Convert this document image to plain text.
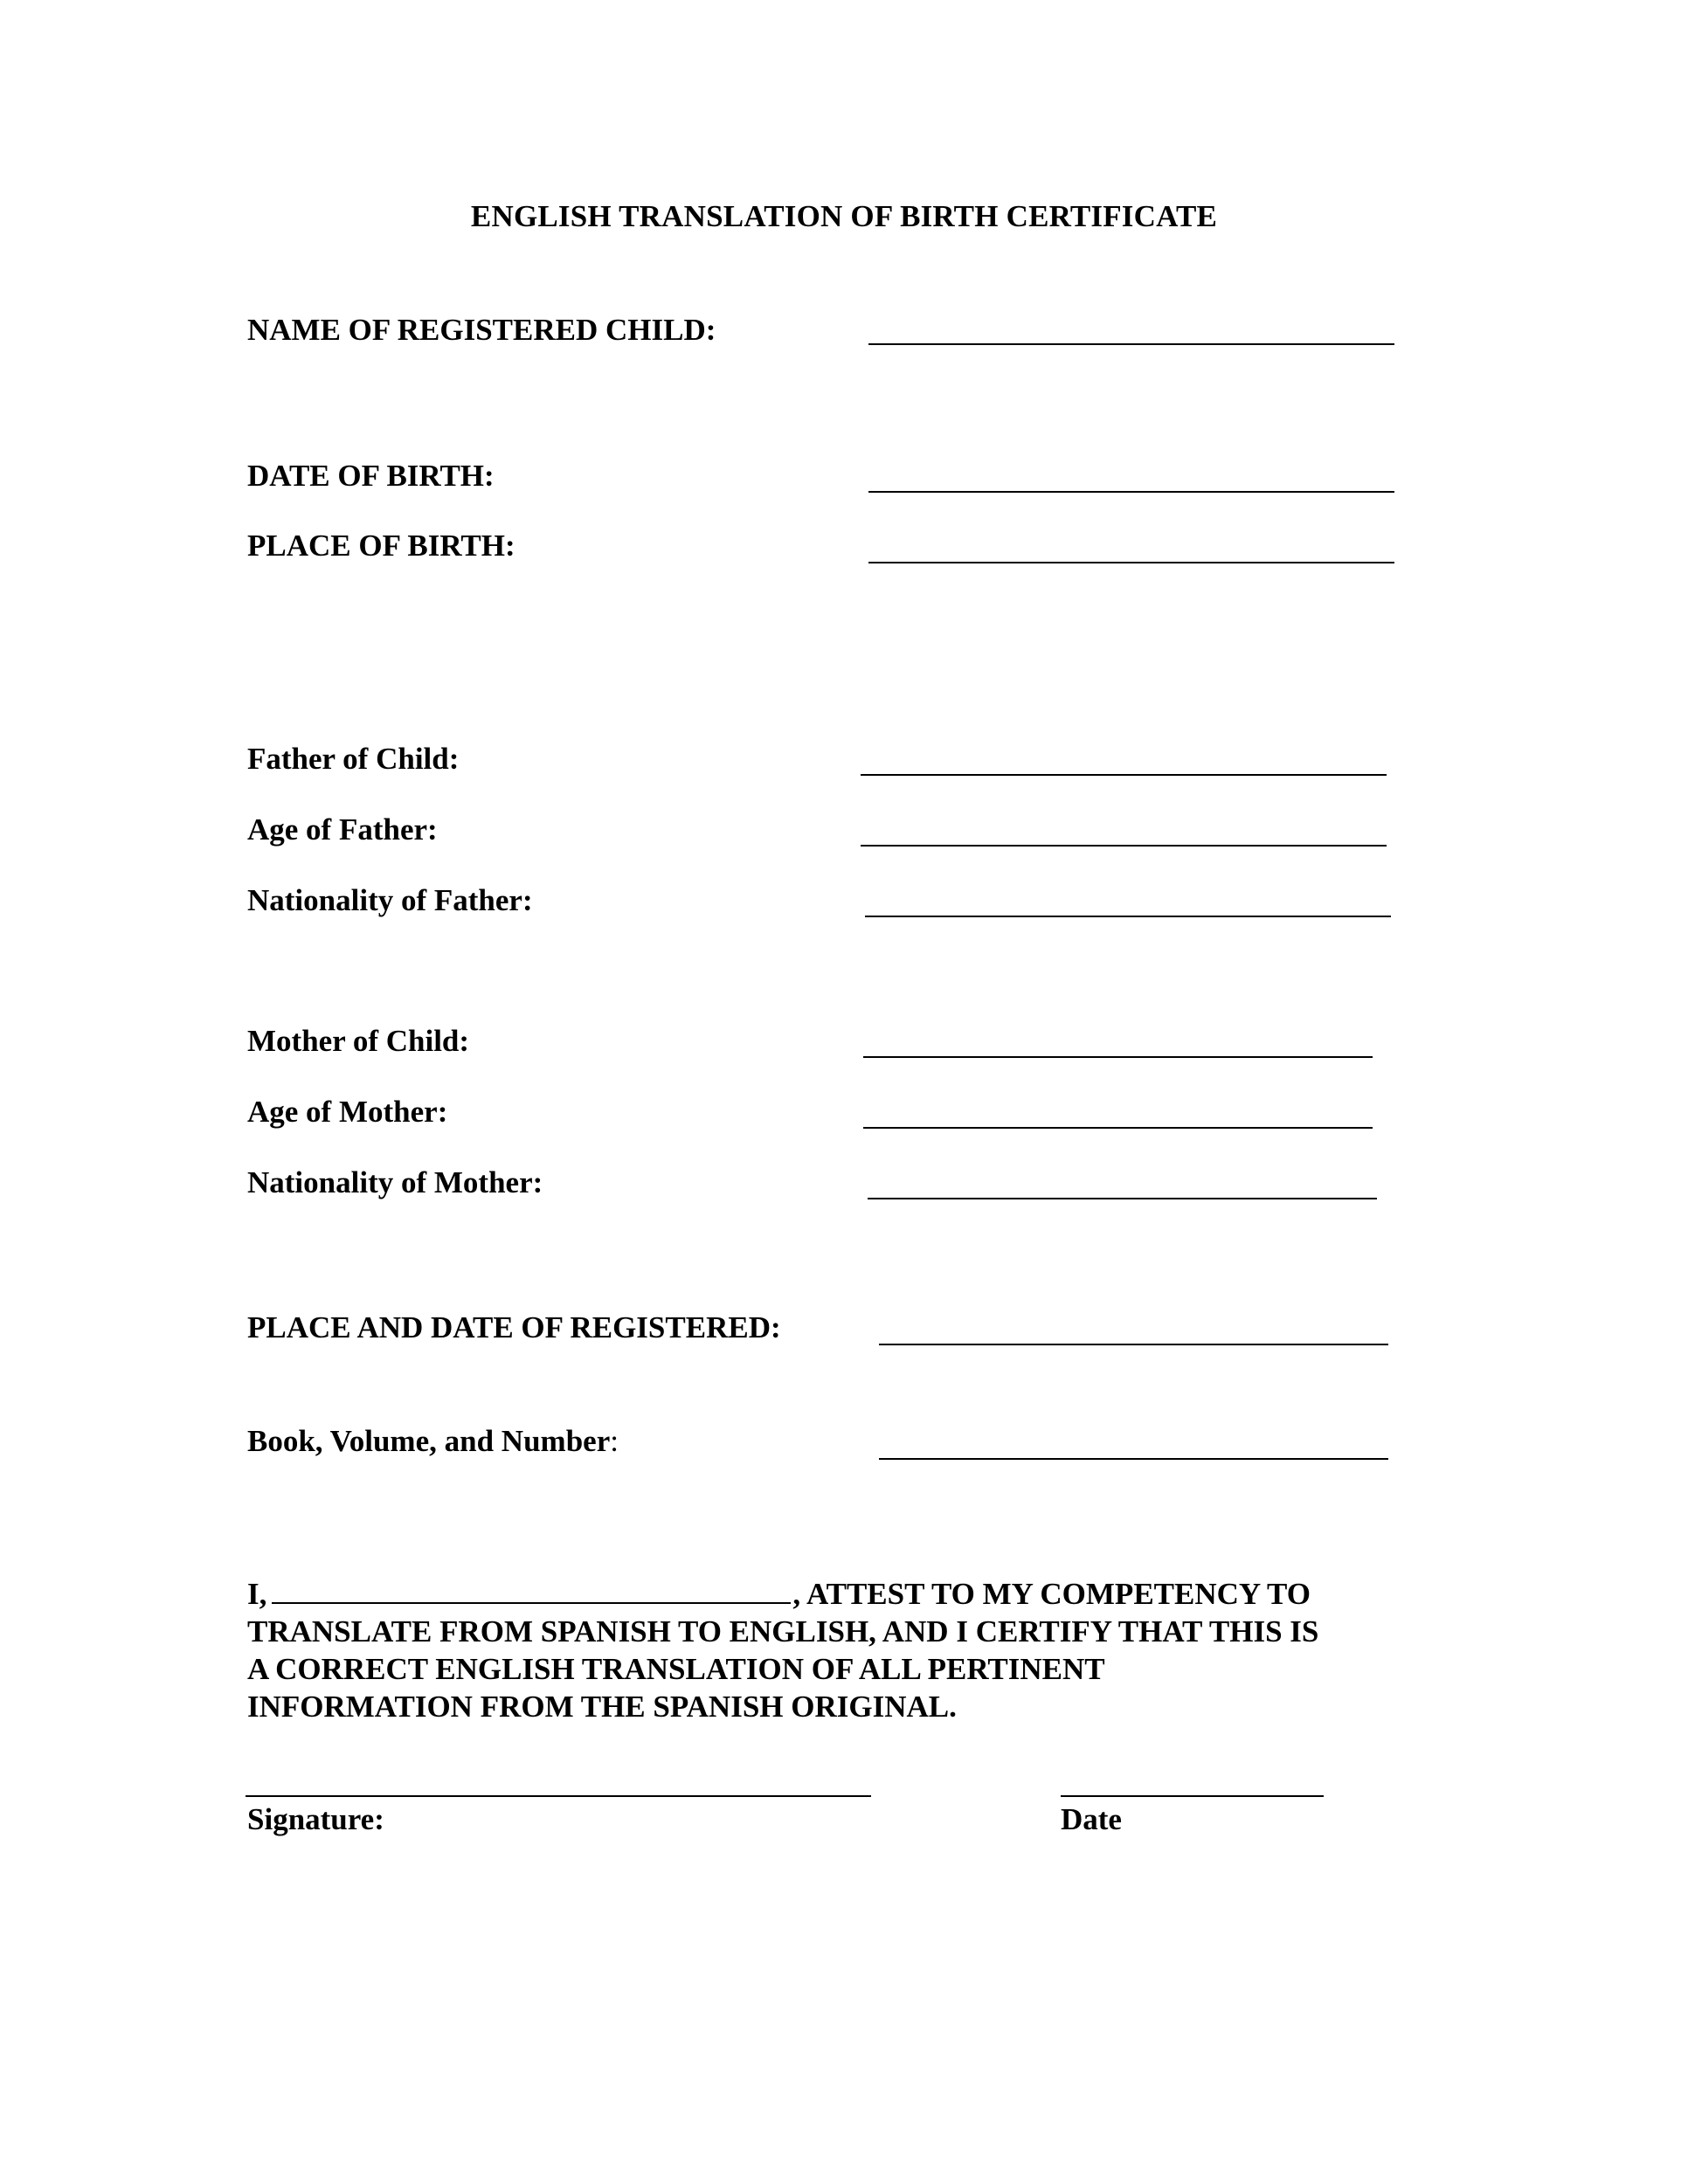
ENGLISH TRANSLATION OF BIRTH CERTIFICATE
NAME OF REGISTERED CHILD:
DATE OF BIRTH:
PLACE OF BIRTH:
Father of Child:
Age of Father:
Nationality of Father:
Mother of Child:
Age of Mother:
Nationality of Mother:
PLACE AND DATE OF REGISTERED:
Book, Volume, and Number:
I,	, ATTEST TO MY COMPETENCY TO
TRANSLATE FROM SPANISH TO ENGLISH, AND I CERTIFY THAT THIS IS
A CORRECT ENGLISH TRANSLATION OF ALL PERTINENT
INFORMATION FROM THE SPANISH ORIGINAL.
Signature:	Date
